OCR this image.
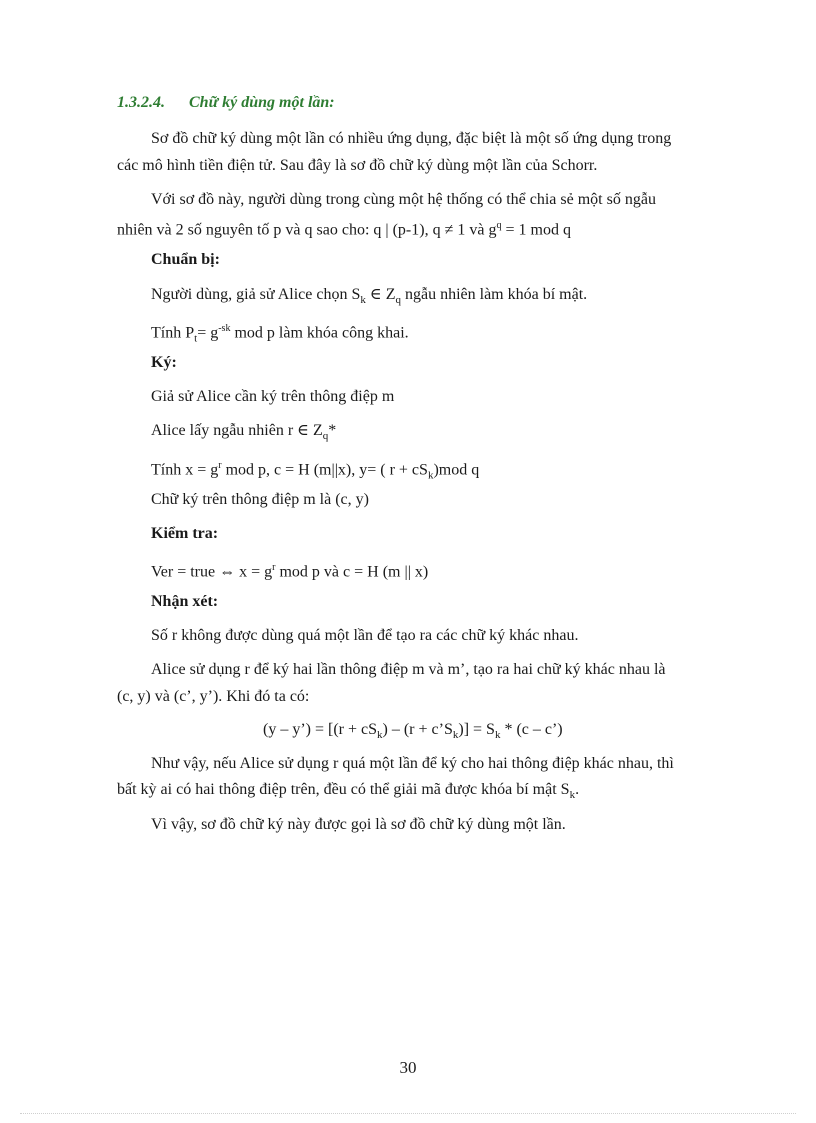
1.3.2.4. Chữ ký dùng một lần:
Sơ đồ chữ ký dùng một lần có nhiều ứng dụng, đặc biệt là một số ứng dụng trong
các mô hình tiền điện tử. Sau đây là sơ đồ chữ ký dùng một lần của Schorr.
Với sơ đồ này, người dùng trong cùng một hệ thống có thể chia sẻ một số ngẫu
nhiên và 2 số nguyên tố p và q sao cho: q | (p-1), q ≠ 1 và $g^q = 1$ mod q
Chuẩn bị:
Người dùng, giả sử Alice chọn $S_k$ ∈ $Z_q$ ngẫu nhiên làm khóa bí mật.
Tính $P_t= g^{-sk}$ mod p làm khóa công khai.
Ký:
Giả sử Alice cần ký trên thông điệp m
Alice lấy ngẫu nhiên r ∈ $Z_q*$
Tính $x = g^r$ mod p, c = H (m||x), y= ( $r + cS_k)mod$ q
Chữ ký trên thông điệp m là (c, y)
Kiểm tra:
Ver = true ⇔ $x = g^r$ mod p và c = H (m || x)
Nhận xét:
Số r không được dùng quá một lần để tạo ra các chữ ký khác nhau.
Alice sử dụng r để ký hai lần thông điệp m và m’, tạo ra hai chữ ký khác nhau là
(c, y) và (c’, y’). Khi đó ta có:
(y – y’) = [$(r + cS_k) - (r$ + $c’S_k)] = S_k * (c$ – c’)
Như vậy, nếu Alice sử dụng r quá một lần để ký cho hai thông điệp khác nhau, thì
bất kỳ ai có hai thông điệp trên, đều có thể giải mã được khóa bí mật $S_k$.
Vì vậy, sơ đồ chữ ký này được gọi là sơ đồ chữ ký dùng một lần.
30
